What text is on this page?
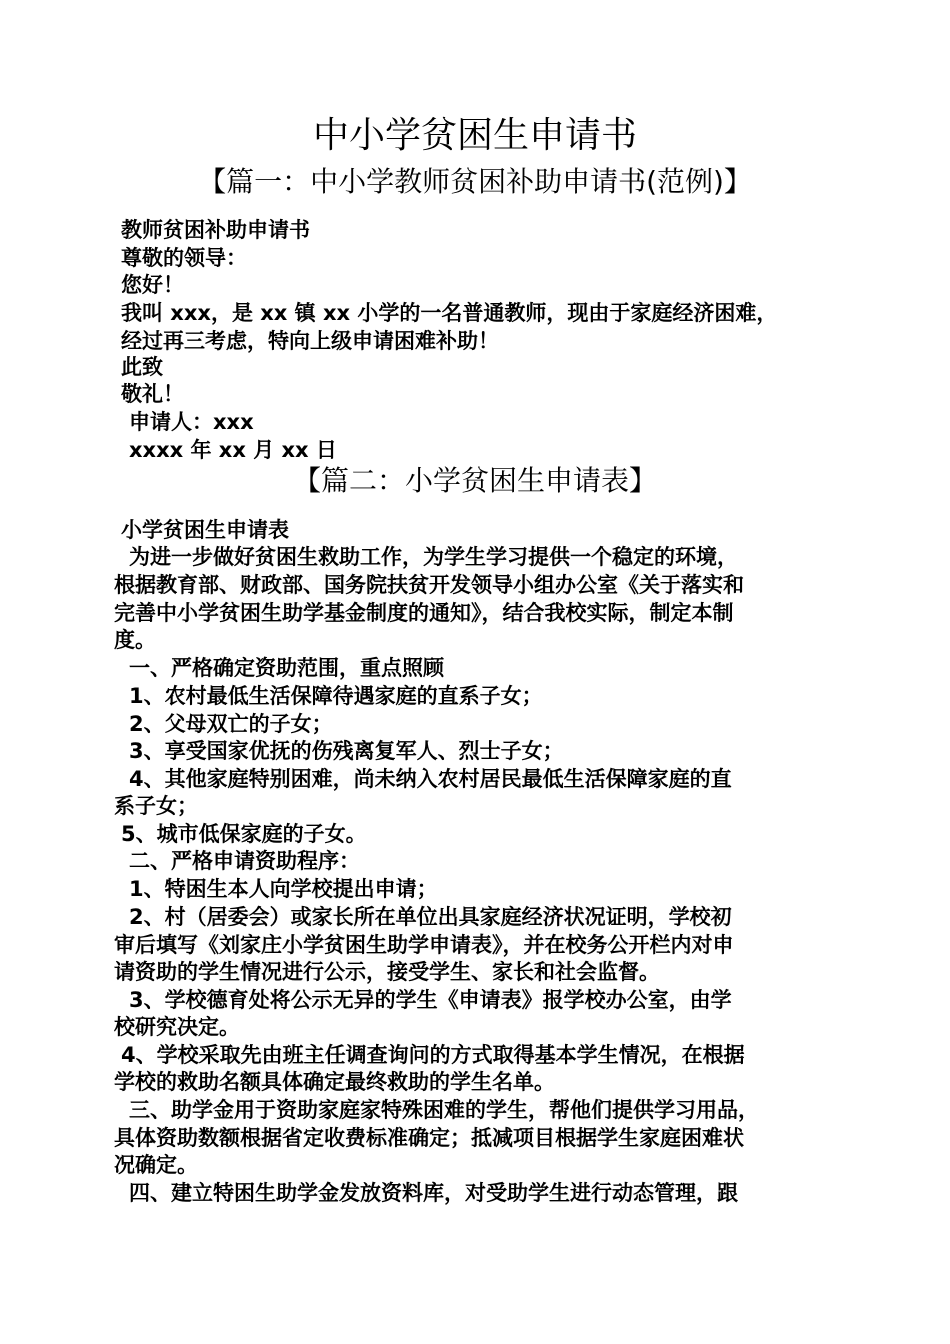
中小学贫困生申请书
【篇一：中小学教师贫困补助申请书(范例)】
教师贫困补助申请书
尊敬的领导：
您好！
我叫 xxx，是 xx 镇 xx 小学的一名普通教师，现由于家庭经济困难，
经过再三考虑，特向上级申请困难补助！
此致
敬礼！
申请人：xxx
xxxx 年 xx 月 xx 日
【篇二：小学贫困生申请表】
小学贫困生申请表
为进一步做好贫困生救助工作，为学生学习提供一个稳定的环境，
根据教育部、财政部、国务院扶贫开发领导小组办公室《关于落实和
完善中小学贫困生助学基金制度的通知》，结合我校实际，制定本制
度。
一、严格确定资助范围，重点照顾
1、农村最低生活保障待遇家庭的直系子女；
2、父母双亡的子女；
3、享受国家优抚的伤残离复军人、烈士子女；
4、其他家庭特别困难，尚未纳入农村居民最低生活保障家庭的直
系子女；
5、城市低保家庭的子女。
二、严格申请资助程序：
1、特困生本人向学校提出申请；
2、村（居委会）或家长所在单位出具家庭经济状况证明，学校初
审后填写《刘家庄小学贫困生助学申请表》，并在校务公开栏内对申
请资助的学生情况进行公示，接受学生、家长和社会监督。
3、学校德育处将公示无异的学生《申请表》报学校办公室，由学
校研究决定。
4、学校采取先由班主任调查询问的方式取得基本学生情况，在根据
学校的救助名额具体确定最终救助的学生名单。
三、助学金用于资助家庭家特殊困难的学生，帮他们提供学习用品，
具体资助数额根据省定收费标准确定；抵减项目根据学生家庭困难状
况确定。
四、建立特困生助学金发放资料库，对受助学生进行动态管理，跟
